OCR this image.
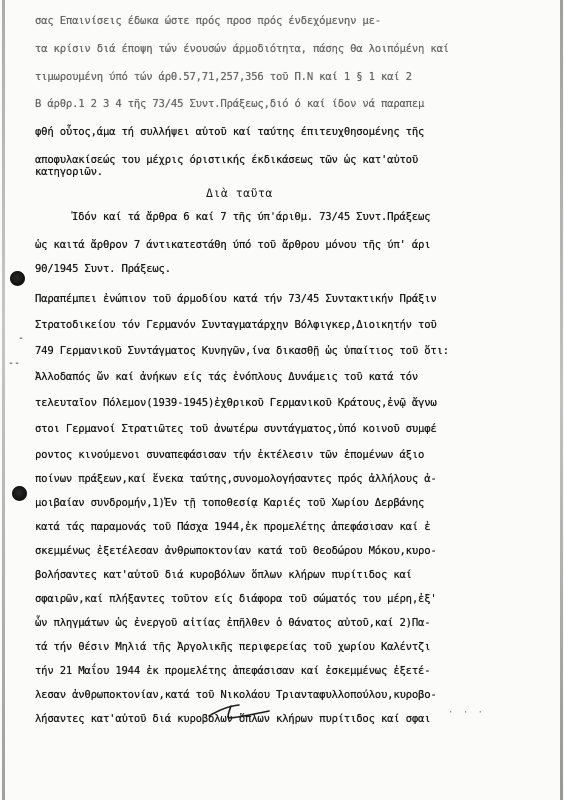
σας Επαινίσεις έδωκα ώστε πρός προσ πρός ένδεχόμενην με-
τα κρίσιν διά έποψη τών ένουσών άρμοδιότητα, πάσης θα λοιπόμένη καί
τιμωρουμένη ύπό τών άρθ.57,71,257,356 τοῦ Π.Ν καί 1 § 1 καί 2
Β άρθρ.1 2 3 4 τῆς 73/45 Συντ.Πράξεως,διό ό καί ίδον νά παραπεμ
φθή οὗτος,άμα τή συλλήψει αὐτοῦ καί ταύτης έπιτευχθησομένης τῆς
αποφυλακίσεώς του μέχρις όριστικής έκδικάσεως τῶν ὡς κατ'αὐτοῦ
κατηγοριῶν.
Διὰ ταῦτα
Ἰδόν καί τά ἄρθρα 6 καί 7 τῆς ύπ'άριθμ. 73/45 Συντ.Πράξεως
ὡς καιτά ἄρθρον 7 άντικατεστάθη ύπό τοῦ ἄρθρου μόνου τῆς ύπ' άρι
90/1945 Συντ. Πράξεως.
Παραπέμπει ἐνώπιον τοῦ άρμοδίου κατά τήν 73/45 Συντακτικήν Πράξιν
Στρατοδικείου τόν Γερμανόν Συνταγματάρχην Βόλφιγκερ,Διοικητήν τοῦ
749 Γερμανικοῦ Συντάγματος Κυνηγῶν,ίνα δικασθῇ ὡς ὑπαίτιος τοῦ ὅτι:
Ἀλλοδαπός ὤν καί ἀνήκων είς τάς ἐνόπλους Δυνάμεις τοῦ κατά τόν
τελευταῖον Πόλεμον(1939-1945)ἐχθρικοῦ Γερμανικοῦ Κράτους,ἐνῷ ἄγνω
στοι Γερμανοί Στρατιῶτες τοῦ ἀνωτέρω συντάγματος,ὑπό κοινοῦ συμφέ
ροντος κινούμενοι συναπεφάσισαν τήν ἐκτέλεσιν τῶν ἑπομένων άξιο
ποίνων πράξεων,καί ἕνεκα ταύτης,συνομολογήσαντες πρός ἀλλήλους ἀ-
μοιβαίαν συνδρομήν,1)Ἐν τῇ τοποθεσίᾳ Καριές τοῦ Χωρίου Δερβάνης
κατά τάς παραμονάς τοῦ Πάσχα 1944,ἐκ προμελέτης ἀπεφάσισαν καί ἐ
σκεμμένως ἐξετέλεσαν ἀνθρωποκτονίαν κατά τοῦ Θεοδώρου Μόκου,κυρο-
βολήσαντες κατ'αὐτοῦ διά κυροβόλων ὅπλων κλήρων πυρίτιδος καί
σφαιρῶν,καί πλήξαντες τοῦτον είς διάφορα τοῦ σώματός του μέρη,ἐξ'
ὧν πληγμάτων ὡς ἐνεργοῦ αἰτίας ἐπῆλθεν ὁ θάνατος αὐτοῦ,καί 2)Πα-
τά τήν θέσιν Μηλιά τῆς Ἀργολικῆς περιφερείας τοῦ χωρίου Καλέντζι
τήν 21 Μαΐου 1944 ἐκ προμελέτης ἀπεφάσισαν καί ἐσκεμμένως ἐξετέ-
λεσαν ἀνθρωποκτονίαν,κατά τοῦ Νικολάου Τριανταφυλλοπούλου,κυροβο-
λήσαντες κατ'αὐτοῦ διά κυροβόλων ὅπλων κλήρων πυρίτιδος καί σφαι
-
--
· · ·
